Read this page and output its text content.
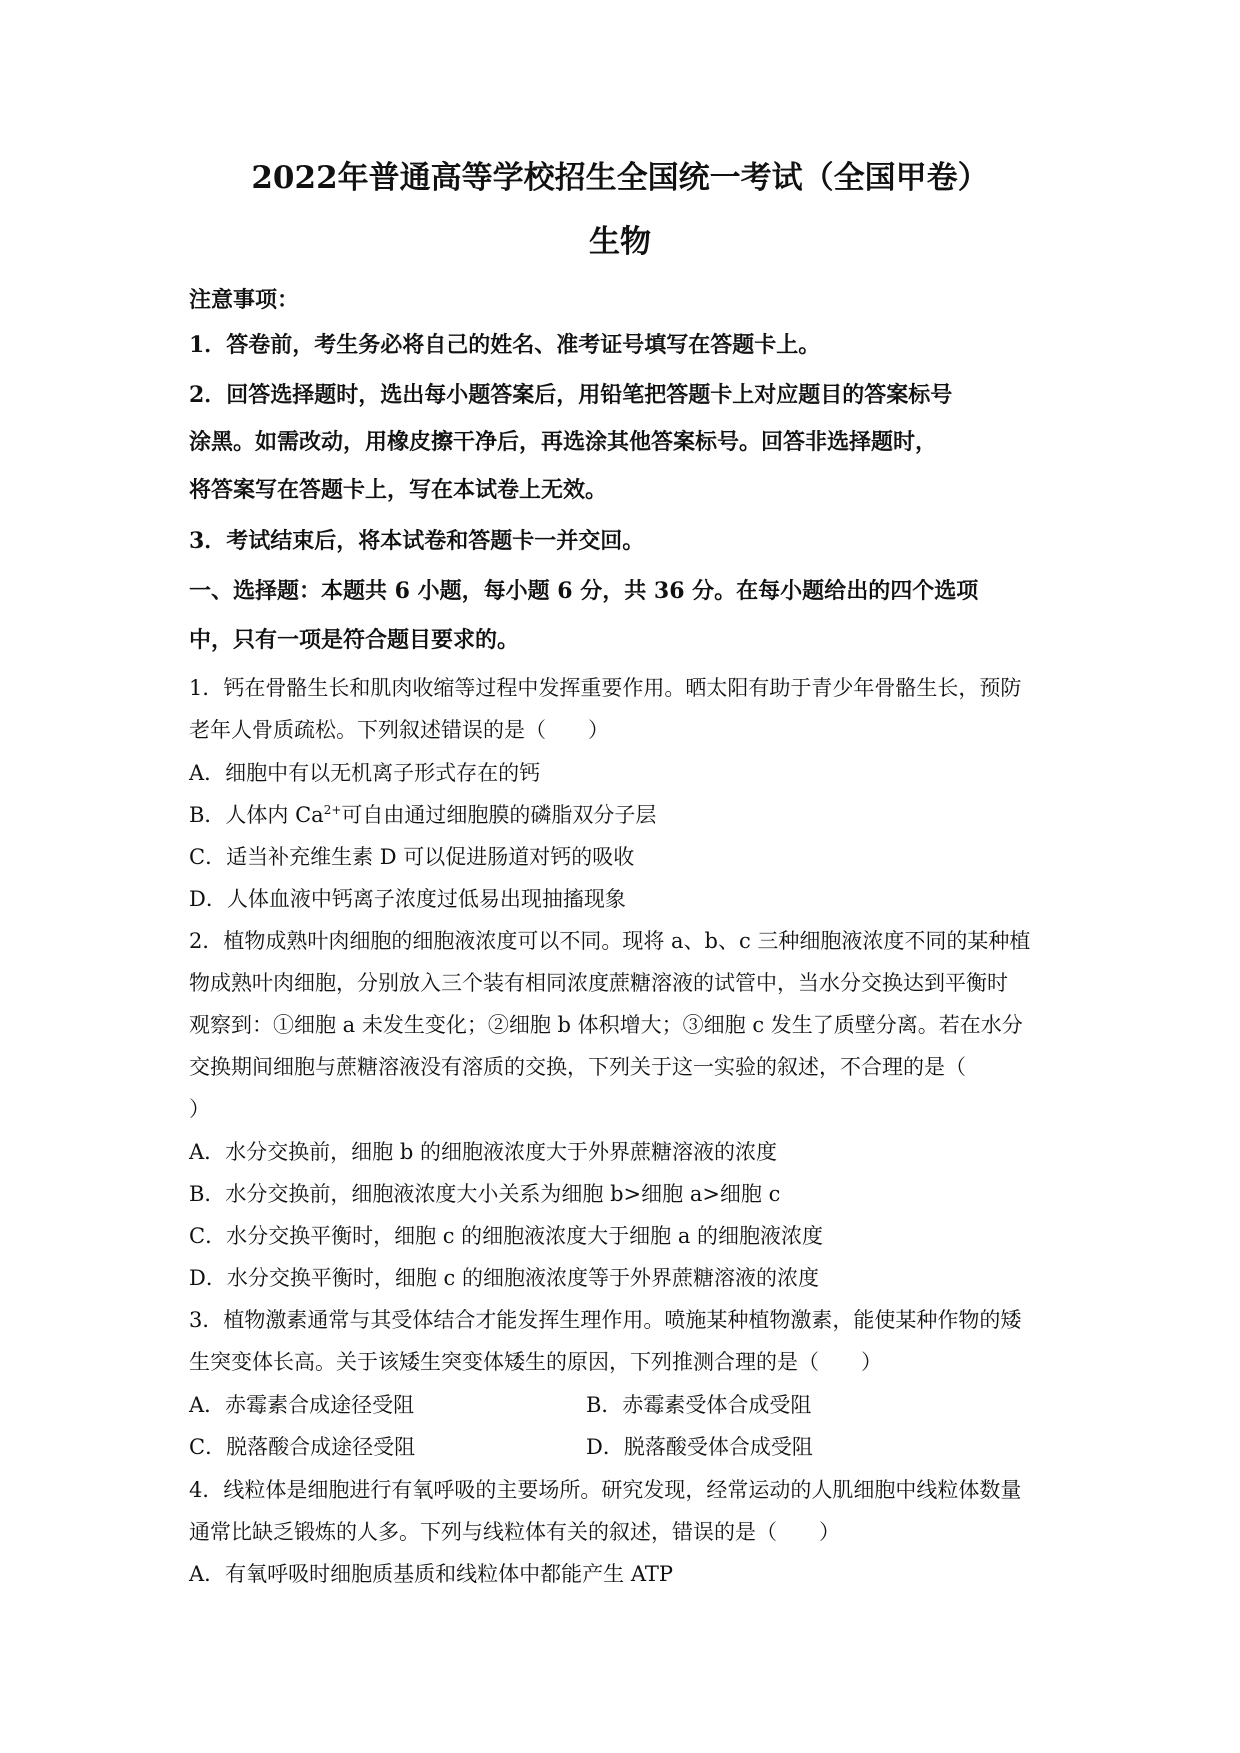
2022年普通高等学校招生全国统一考试（全国甲卷）
生物
注意事项：
1．答卷前，考生务必将自己的姓名、准考证号填写在答题卡上。
2．回答选择题时，选出每小题答案后，用铅笔把答题卡上对应题目的答案标号
涂黑。如需改动，用橡皮擦干净后，再选涂其他答案标号。回答非选择题时，
将答案写在答题卡上，写在本试卷上无效。
3．考试结束后，将本试卷和答题卡一并交回。
一、选择题：本题共 6 小题，每小题 6 分，共 36 分。在每小题给出的四个选项
中，只有一项是符合题目要求的。
1．钙在骨骼生长和肌肉收缩等过程中发挥重要作用。晒太阳有助于青少年骨骼生长，预防
老年人骨质疏松。下列叙述错误的是（　　）
A．细胞中有以无机离子形式存在的钙
B．人体内 $Ca^{2+}$可自由通过细胞膜的磷脂双分子层
C．适当补充维生素 D 可以促进肠道对钙的吸收
D．人体血液中钙离子浓度过低易出现抽搐现象
2．植物成熟叶肉细胞的细胞液浓度可以不同。现将 a、b、c 三种细胞液浓度不同的某种植
物成熟叶肉细胞，分别放入三个装有相同浓度蔗糖溶液的试管中，当水分交换达到平衡时
观察到：①细胞 a 未发生变化；②细胞 b 体积增大；③细胞 c 发生了质壁分离。若在水分
交换期间细胞与蔗糖溶液没有溶质的交换，下列关于这一实验的叙述，不合理的是（
）
A．水分交换前，细胞 b 的细胞液浓度大于外界蔗糖溶液的浓度
B．水分交换前，细胞液浓度大小关系为细胞 b>细胞 a>细胞 c
C．水分交换平衡时，细胞 c 的细胞液浓度大于细胞 a 的细胞液浓度
D．水分交换平衡时，细胞 c 的细胞液浓度等于外界蔗糖溶液的浓度
3．植物激素通常与其受体结合才能发挥生理作用。喷施某种植物激素，能使某种作物的矮
生突变体长高。关于该矮生突变体矮生的原因，下列推测合理的是（　　）
A．赤霉素合成途径受阻	B．赤霉素受体合成受阻
C．脱落酸合成途径受阻	D．脱落酸受体合成受阻
4．线粒体是细胞进行有氧呼吸的主要场所。研究发现，经常运动的人肌细胞中线粒体数量
通常比缺乏锻炼的人多。下列与线粒体有关的叙述，错误的是（　　）
A．有氧呼吸时细胞质基质和线粒体中都能产生 ATP
